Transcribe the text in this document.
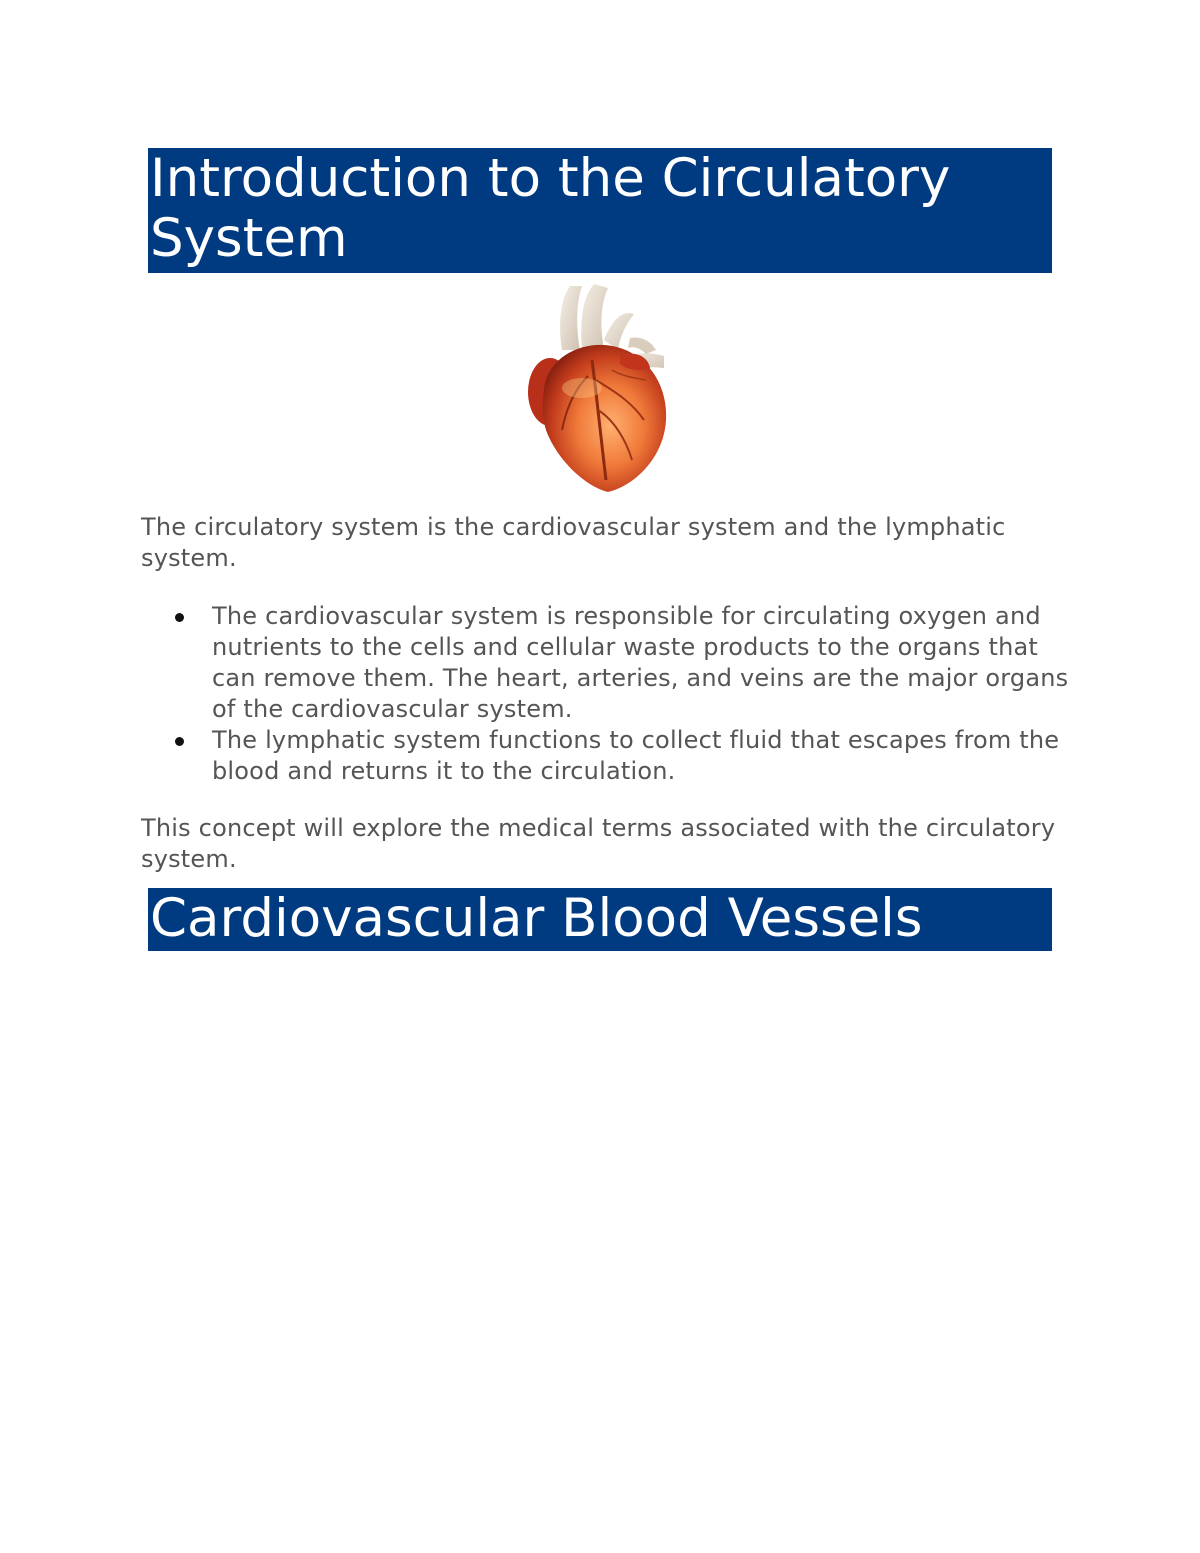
Introduction to the Circulatory System

The circulatory system is the cardiovascular system and the lymphatic system.

The cardiovascular system is responsible for circulating oxygen and nutrients to the cells and cellular waste products to the organs that can remove them. The heart, arteries, and veins are the major organs of the cardiovascular system.
The lymphatic system functions to collect fluid that escapes from the blood and returns it to the circulation.

This concept will explore the medical terms associated with the circulatory system.

Cardiovascular Blood Vessels
